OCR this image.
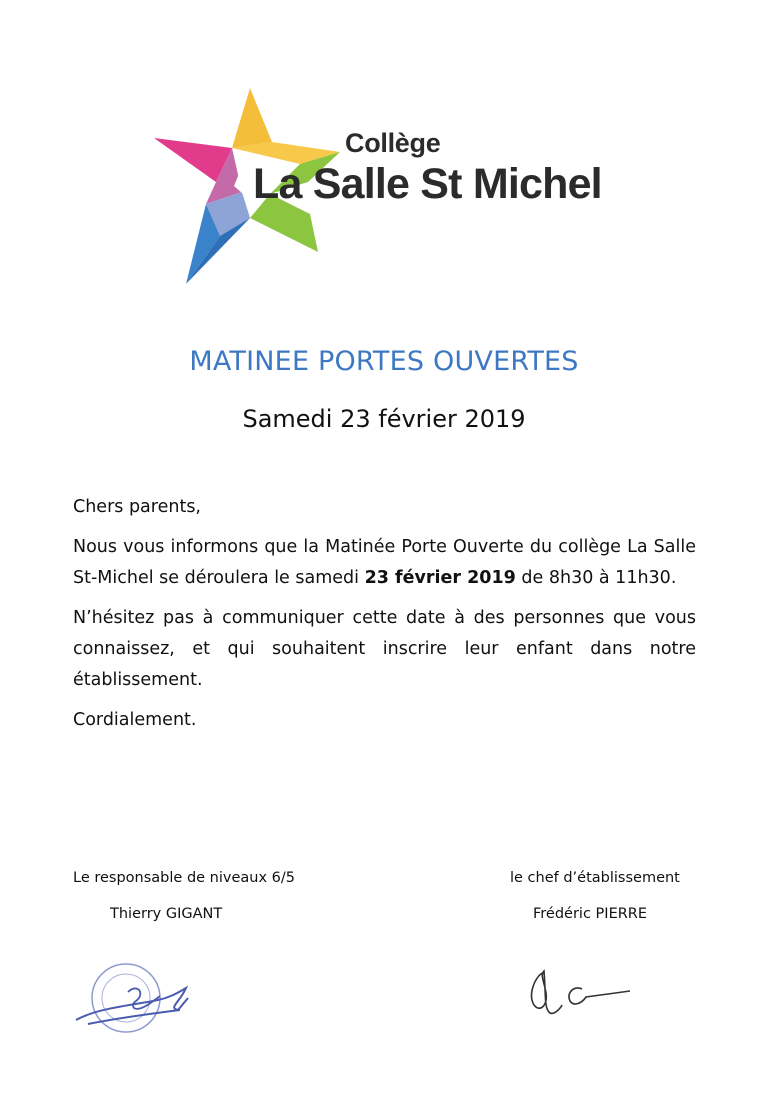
Collège
La Salle St Michel
MATINEE PORTES OUVERTES
Samedi 23 février 2019

Chers parents,

Nous vous informons que la Matinée Porte Ouverte du collège La Salle St-Michel se déroulera le samedi 23 février 2019 de 8h30 à 11h30.

N’hésitez pas à communiquer cette date à des personnes que vous connaissez, et qui souhaitent inscrire leur enfant dans notre établissement.

Cordialement.

Le responsable de niveaux 6/5
Thierry GIGANT
le chef d’établissement
Frédéric PIERRE
